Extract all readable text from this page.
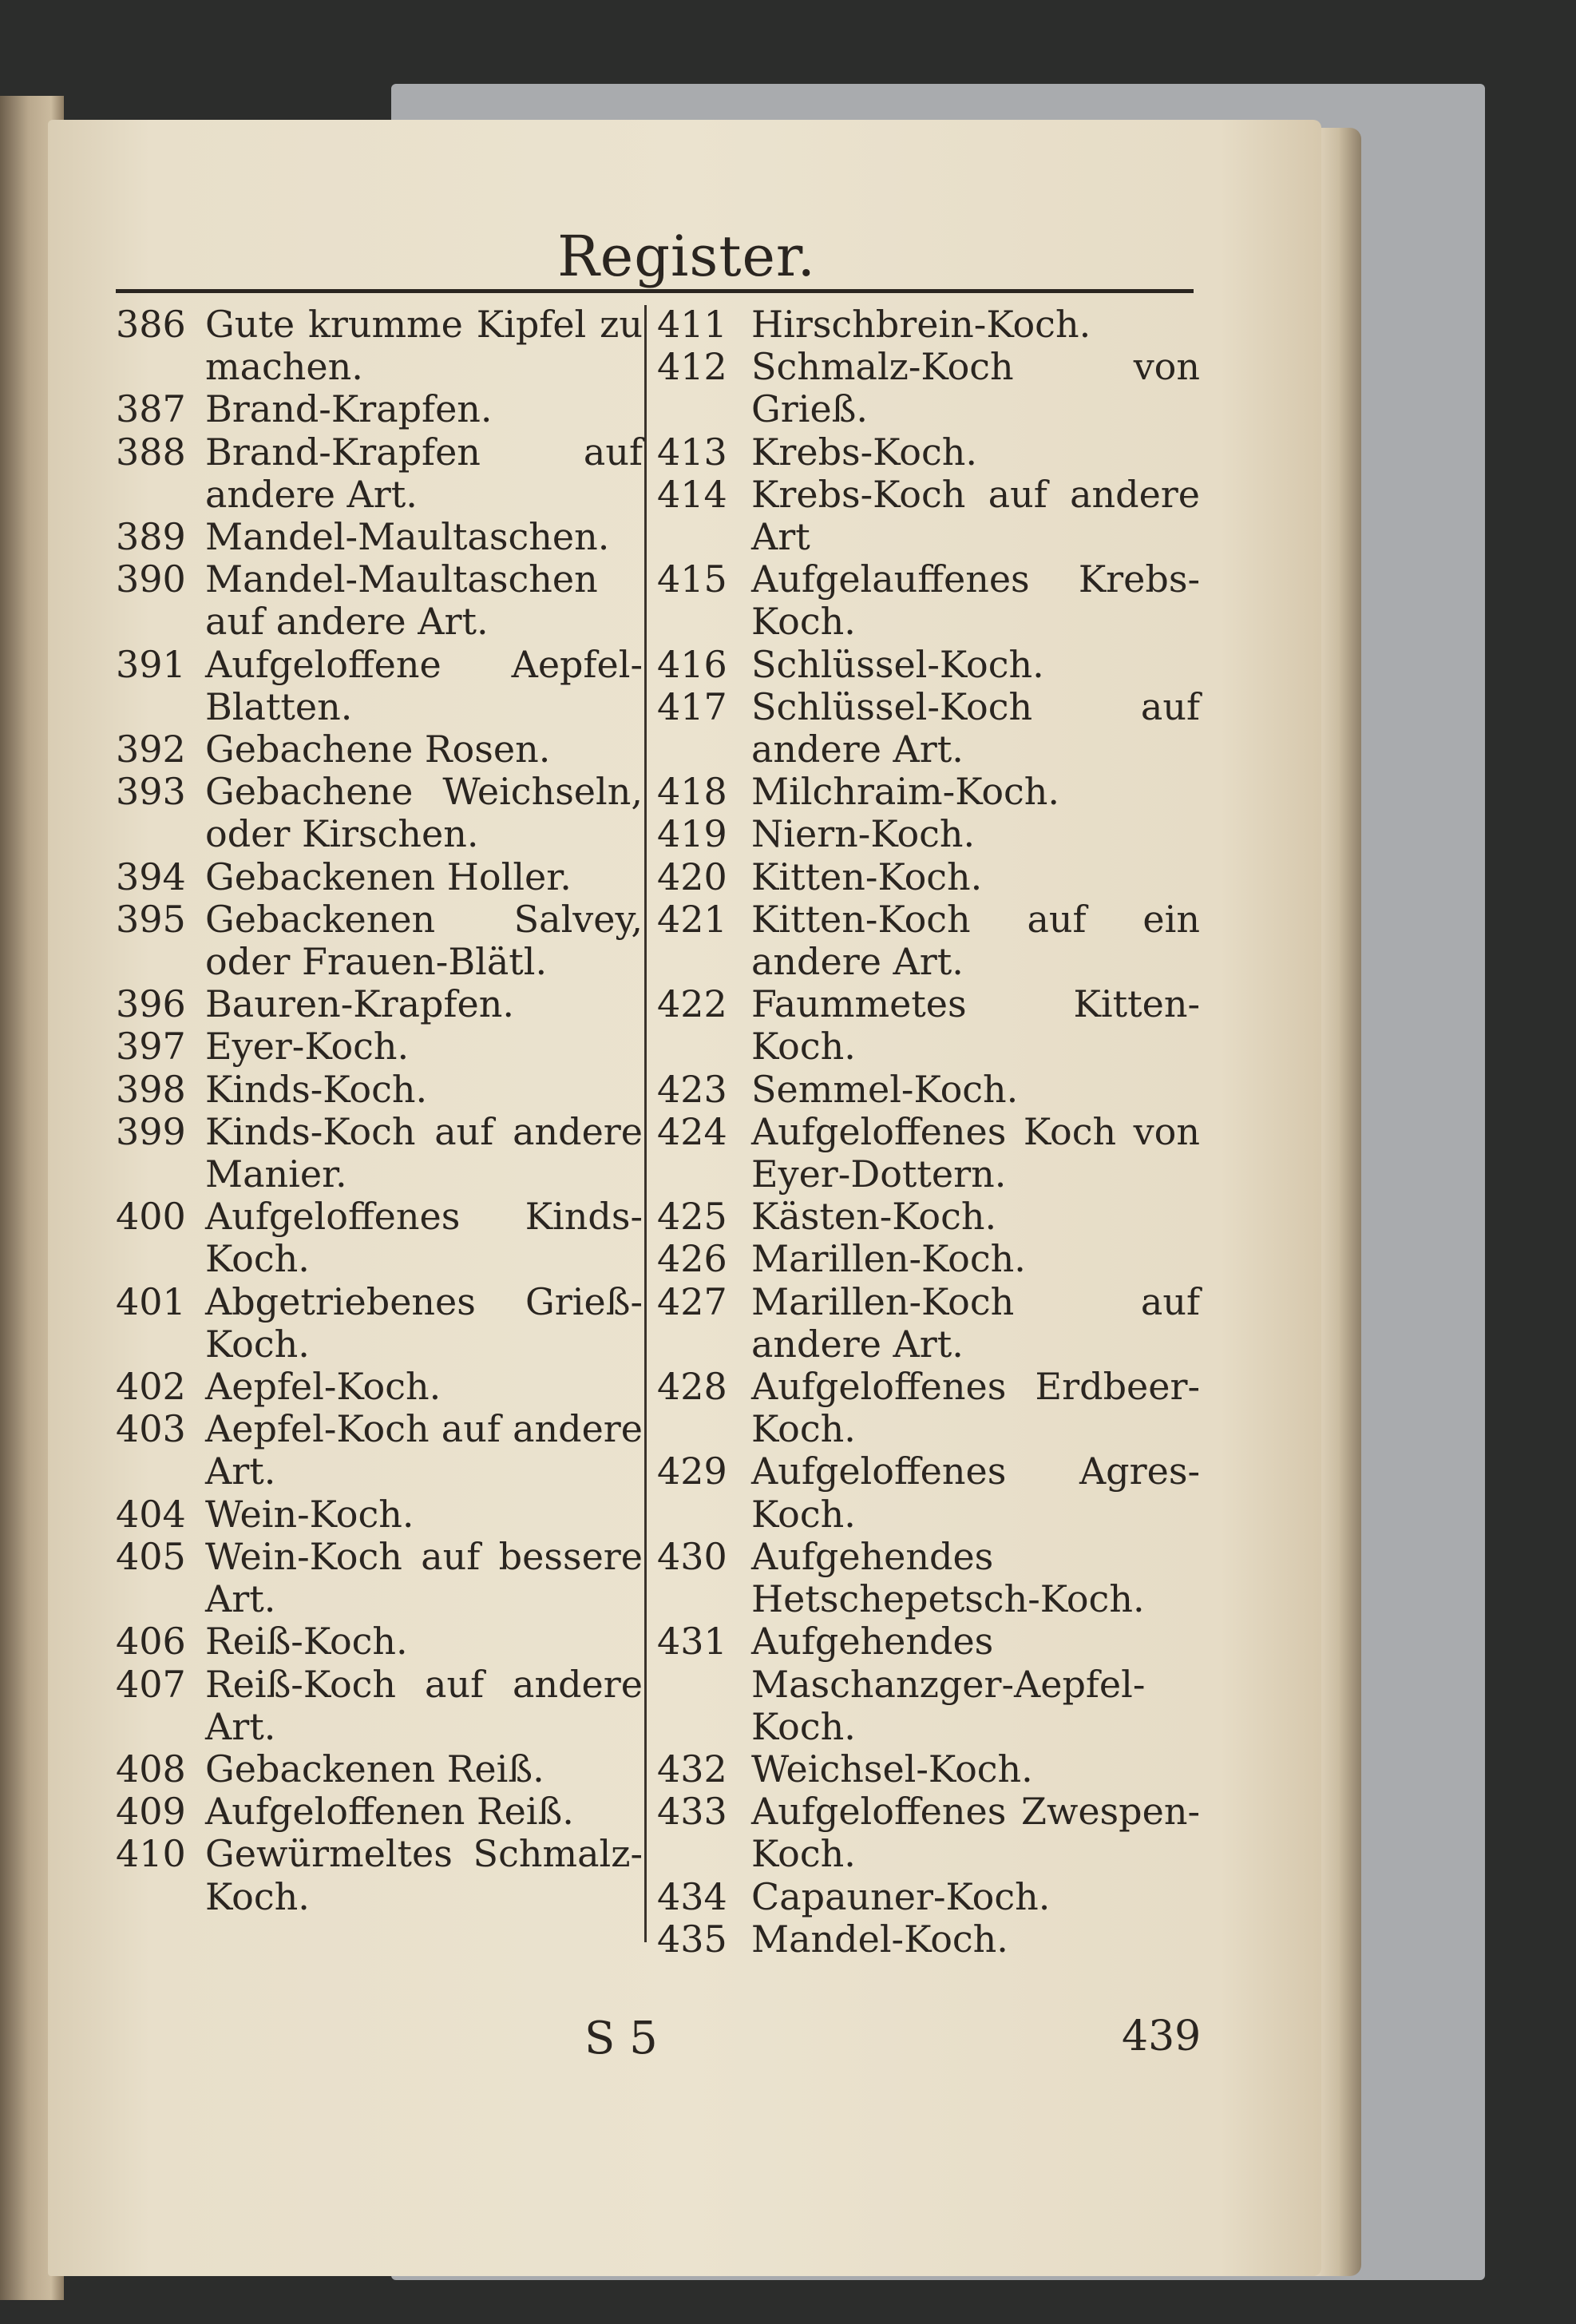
Register.
386 Gute krumme Kipfel zu machen.
387 Brand-Krapfen.
388 Brand-Krapfen auf andere Art.
389 Mandel-Maultaschen.
390 Mandel-Maultaschen auf andere Art.
391 Aufgeloffene Aepfel-Blatten.
392 Gebachene Rosen.
393 Gebachene Weichseln, oder Kirschen.
394 Gebackenen Holler.
395 Gebackenen Salvey, oder Frauen-Blätl.
396 Bauren-Krapfen.
397 Eyer-Koch.
398 Kinds-Koch.
399 Kinds-Koch auf andere Manier.
400 Aufgeloffenes Kinds-Koch.
401 Abgetriebenes Grieß-Koch.
402 Aepfel-Koch.
403 Aepfel-Koch auf andere Art.
404 Wein-Koch.
405 Wein-Koch auf bessere Art.
406 Reiß-Koch.
407 Reiß-Koch auf andere Art.
408 Gebackenen Reiß.
409 Aufgeloffenen Reiß.
410 Gewürmeltes Schmalz-Koch.
411 Hirschbrein-Koch.
412 Schmalz-Koch von Grieß.
413 Krebs-Koch.
414 Krebs-Koch auf andere Art
415 Aufgelauffenes Krebs-Koch.
416 Schlüssel-Koch.
417 Schlüssel-Koch auf andere Art.
418 Milchraim-Koch.
419 Niern-Koch.
420 Kitten-Koch.
421 Kitten-Koch auf ein andere Art.
422 Faummetes Kitten-Koch.
423 Semmel-Koch.
424 Aufgeloffenes Koch von Eyer-Dottern.
425 Kästen-Koch.
426 Marillen-Koch.
427 Marillen-Koch auf andere Art.
428 Aufgeloffenes Erdbeer-Koch.
429 Aufgeloffenes Agres-Koch.
430 Aufgehendes Hetschepetsch-Koch.
431 Aufgehendes Maschanzger-Aepfel-Koch.
432 Weichsel-Koch.
433 Aufgeloffenes Zwespen-Koch.
434 Capauner-Koch.
435 Mandel-Koch.
S 5	439
